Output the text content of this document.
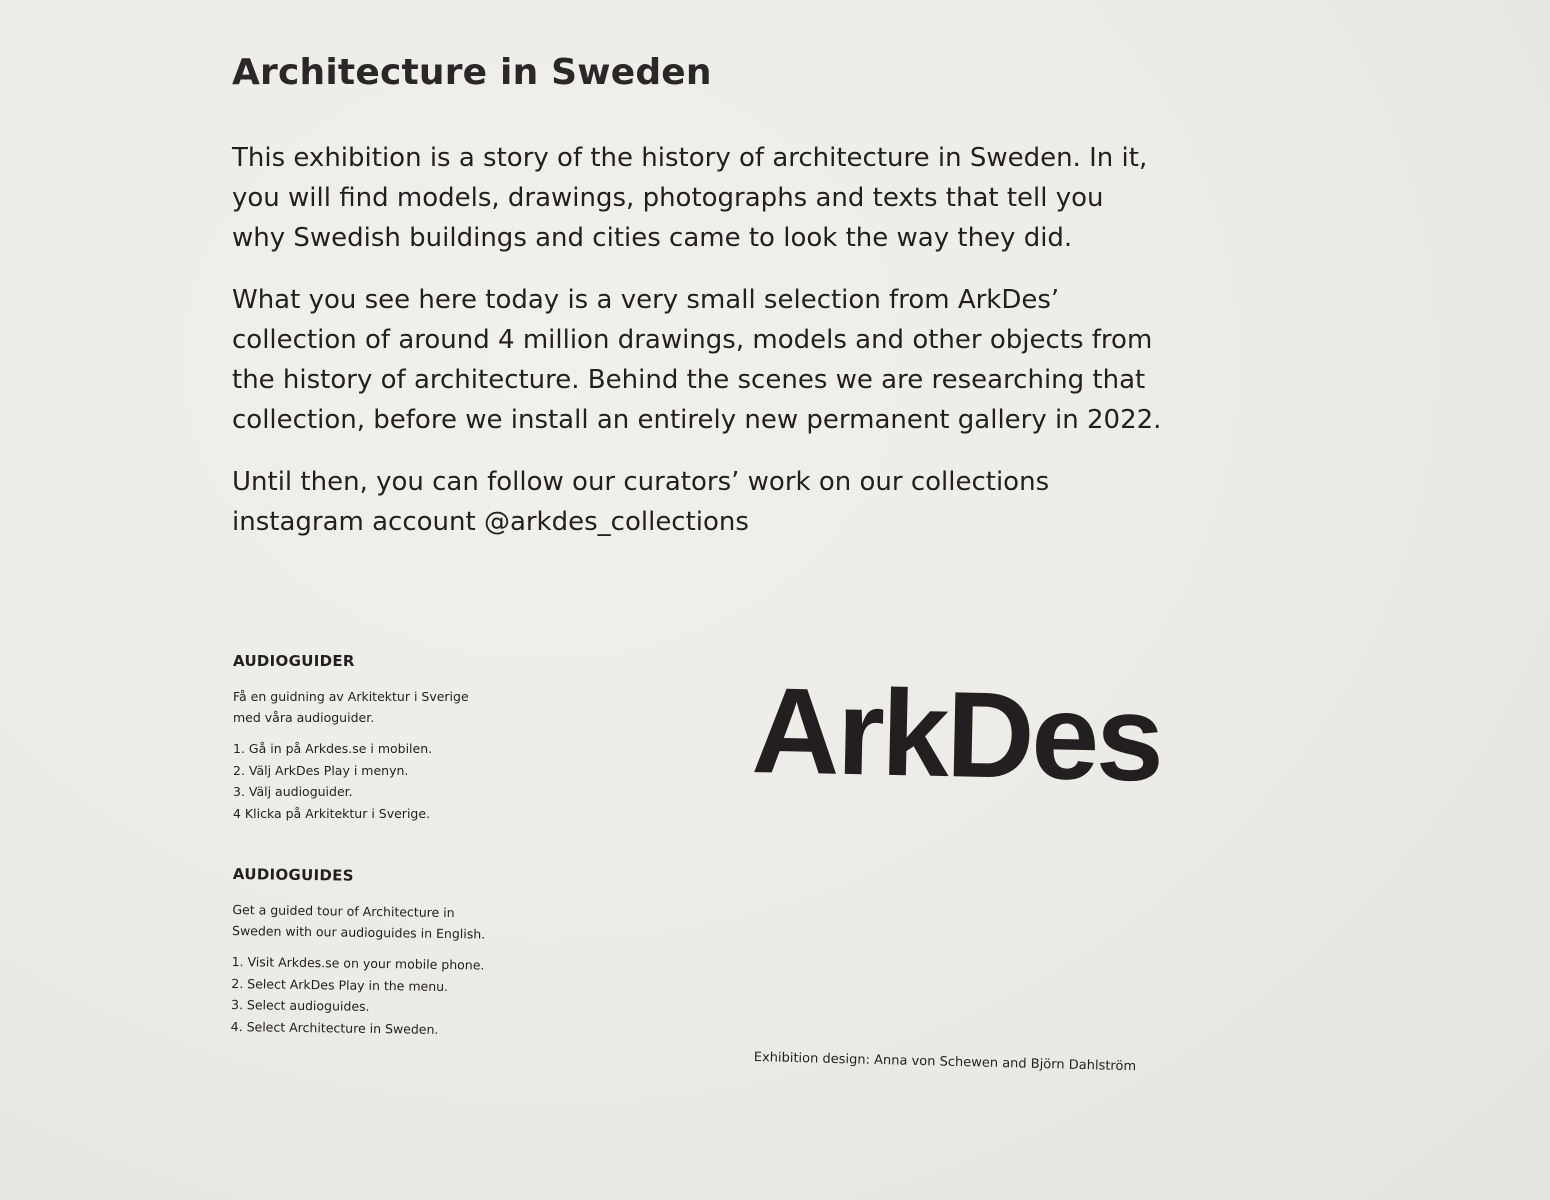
Architecture in Sweden

This exhibition is a story of the history of architecture in Sweden. In it, you will find models, drawings, photographs and texts that tell you why Swedish buildings and cities came to look the way they did.

What you see here today is a very small selection from ArkDes’ collection of around 4 million drawings, models and other objects from the history of architecture. Behind the scenes we are researching that collection, before we install an entirely new permanent gallery in 2022.

Until then, you can follow our curators’ work on our collections instagram account @arkdes_collections

AUDIOGUIDER

Få en guidning av Arkitektur i Sverige med våra audioguider.

1. Gå in på Arkdes.se i mobilen.
2. Välj ArkDes Play i menyn.
3. Välj audioguider.
4 Klicka på Arkitektur i Sverige.
AUDIOGUIDES

Get a guided tour of Architecture in Sweden with our audioguides in English.

1. Visit Arkdes.se on your mobile phone.
2. Select ArkDes Play in the menu.
3. Select audioguides.
4. Select Architecture in Sweden.
ArkDes
Exhibition design: Anna von Schewen and Björn Dahlström
